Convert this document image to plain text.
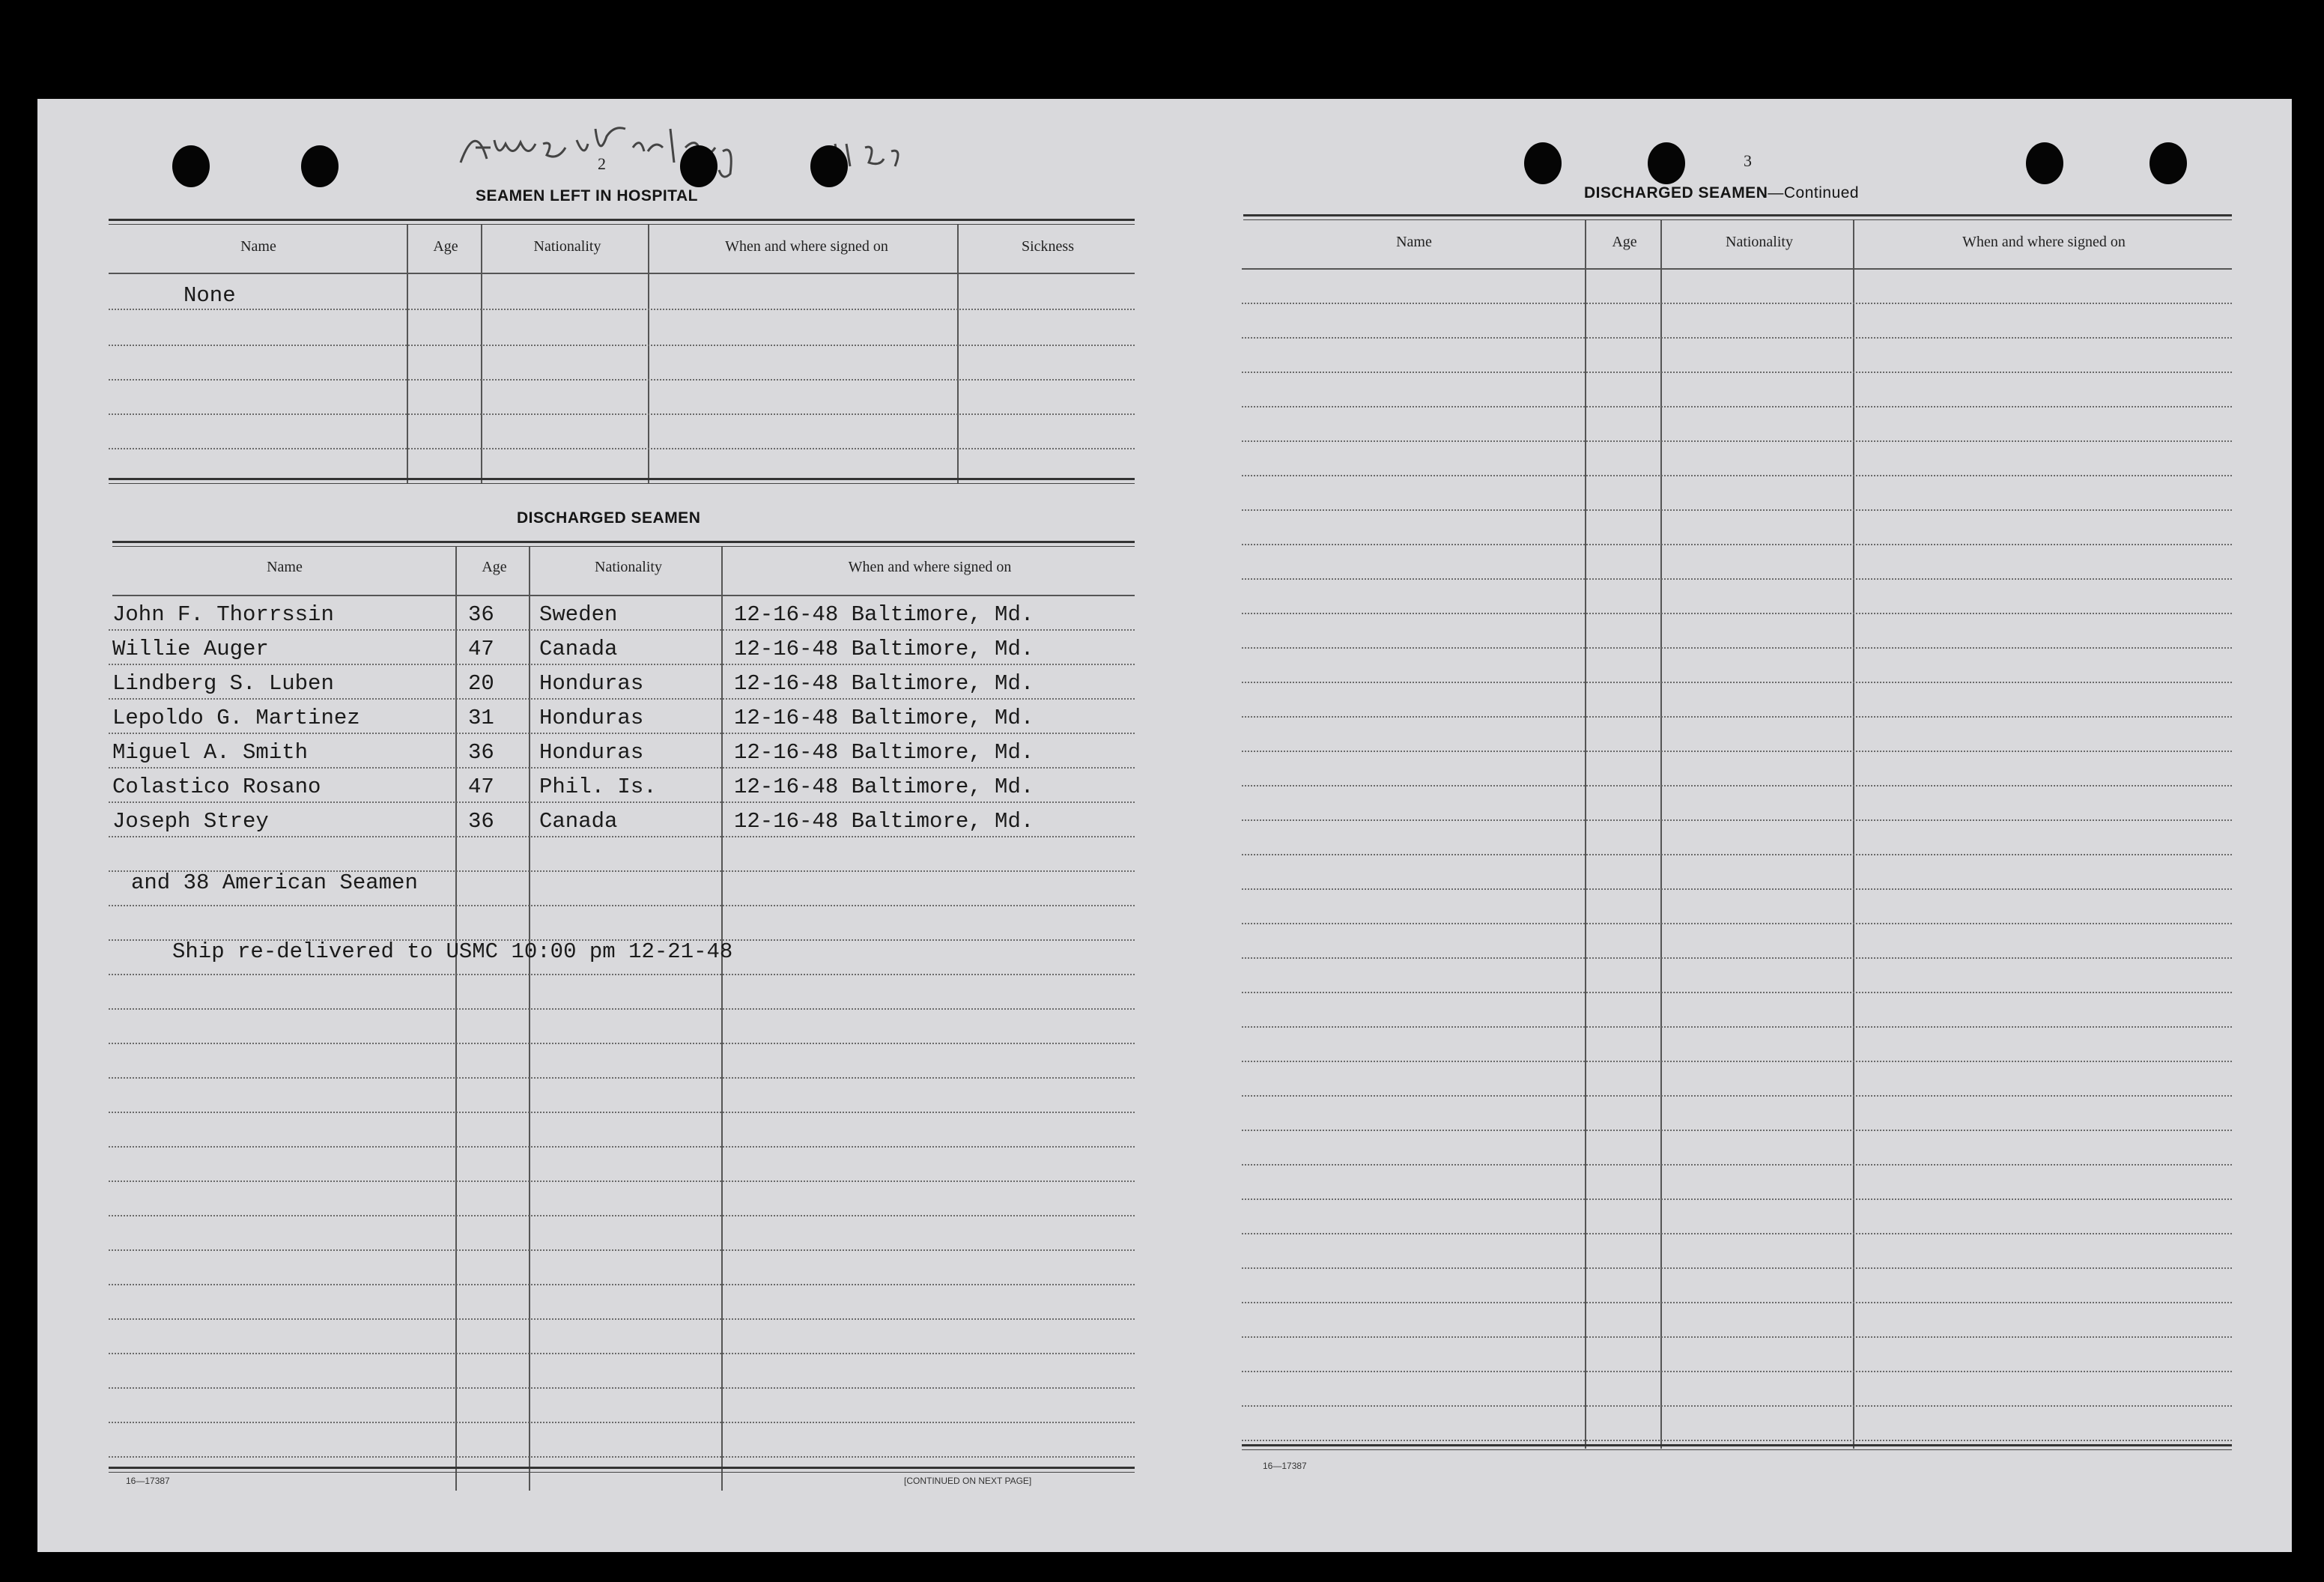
2
SEAMEN LEFT IN HOSPITAL
Name	Age	Nationality	When and where signed on	Sickness
None
DISCHARGED SEAMEN
Name	Age	Nationality	When and where signed on
John F. Thorrssin	36 Sweden	12-16-48 Baltimore, Md.
Willie Auger	47 Canada	12-16-48 Baltimore, Md.
Lindberg S. Luben	20 Honduras	12-16-48 Baltimore, Md.
Lepoldo G. Martinez	31 Honduras	12-16-48 Baltimore, Md.
Miguel A. Smith	36 Honduras	12-16-48 Baltimore, Md.
Colastico Rosano	47 Phil. Is.	12-16-48 Baltimore, Md.
Joseph Strey	36 Canada	12-16-48 Baltimore, Md.
and 38 American Seamen
Ship re-delivered to USMC 10:00 pm 12-21-48
16—17387	[CONTINUED ON NEXT PAGE]
3
DISCHARGED SEAMEN—Continued
Name	Age	Nationality	When and where signed on
16—17387
